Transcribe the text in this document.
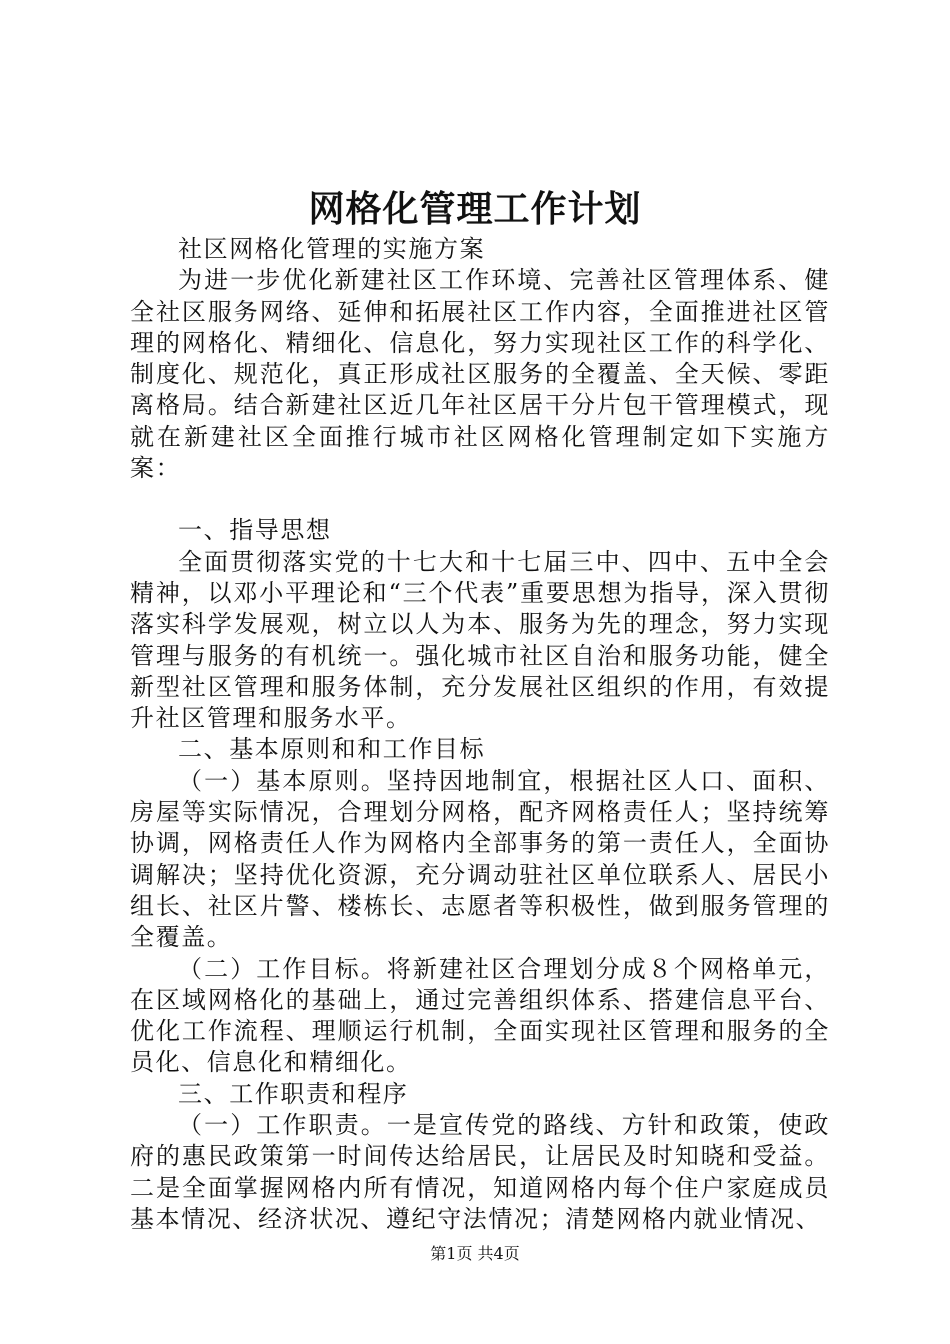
网格化管理工作计划

社区网格化管理的实施方案

为进一步优化新建社区工作环境、完善社区管理体系、健全社区服务网络、延伸和拓展社区工作内容，全面推进社区管理的网格化、精细化、信息化，努力实现社区工作的科学化、制度化、规范化，真正形成社区服务的全覆盖、全天候、零距离格局。结合新建社区近几年社区居干分片包干管理模式，现就在新建社区全面推行城市社区网格化管理制定如下实施方案：

一、指导思想

全面贯彻落实党的十七大和十七届三中、四中、五中全会精神，以邓小平理论和“三个代表”重要思想为指导，深入贯彻落实科学发展观，树立以人为本、服务为先的理念，努力实现管理与服务的有机统一。强化城市社区自治和服务功能，健全新型社区管理和服务体制，充分发展社区组织的作用，有效提升社区管理和服务水平。

二、基本原则和和工作目标

（一）基本原则。坚持因地制宜，根据社区人口、面积、房屋等实际情况，合理划分网格，配齐网格责任人；坚持统筹协调，网格责任人作为网格内全部事务的第一责任人，全面协调解决；坚持优化资源，充分调动驻社区单位联系人、居民小组长、社区片警、楼栋长、志愿者等积极性，做到服务管理的全覆盖。

（二）工作目标。将新建社区合理划分成８个网格单元，在区域网格化的基础上，通过完善组织体系、搭建信息平台、优化工作流程、理顺运行机制，全面实现社区管理和服务的全员化、信息化和精细化。

三、工作职责和程序

（一）工作职责。一是宣传党的路线、方针和政策，使政府的惠民政策第一时间传达给居民，让居民及时知晓和受益。二是全面掌握网格内所有情况，知道网格内每个住户家庭成员基本情况、经济状况、遵纪守法情况；清楚网格内就业情况、

第1页 共4页
